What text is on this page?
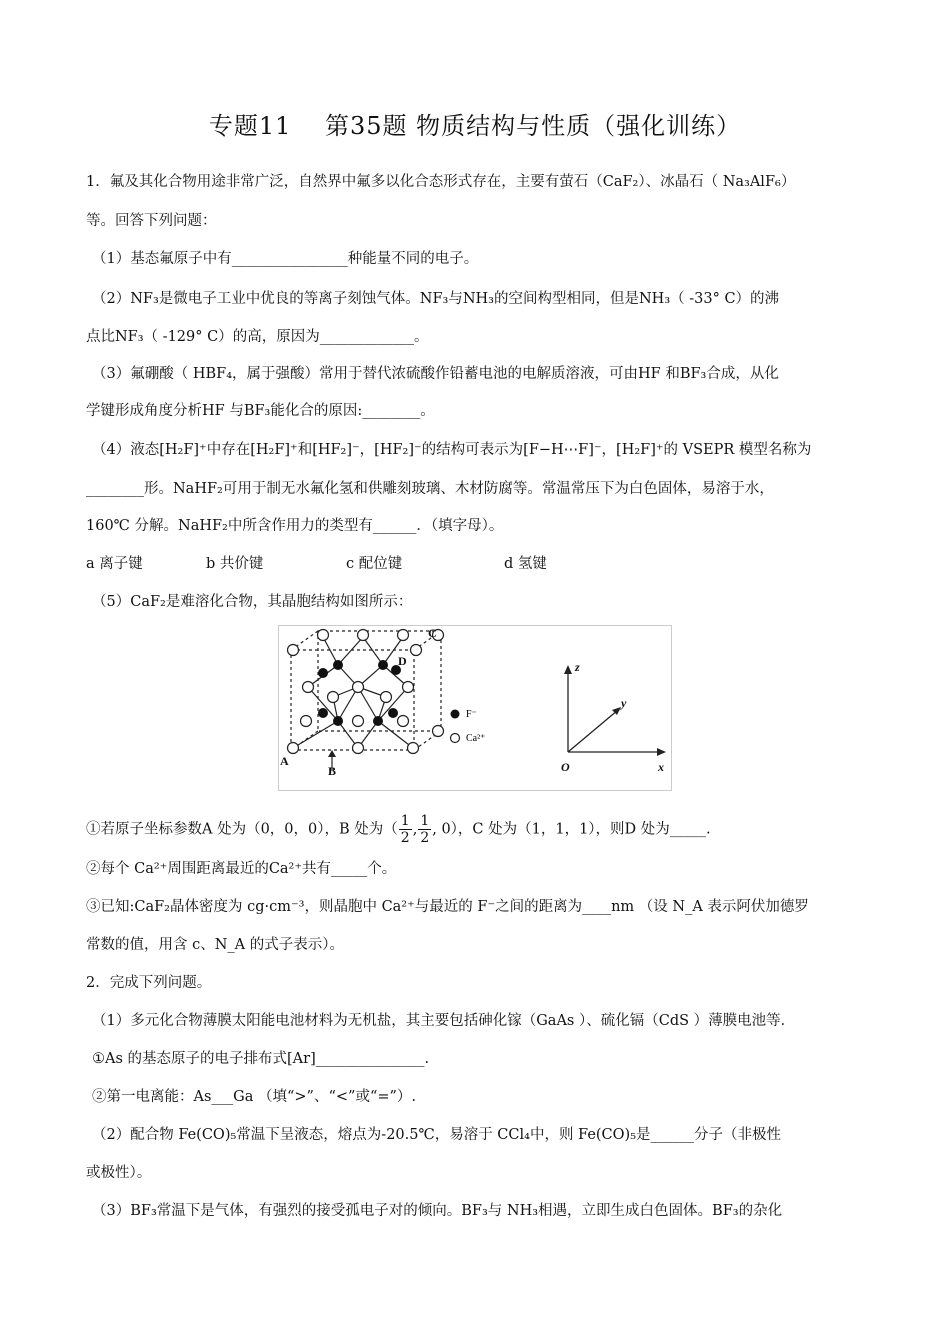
专题11　 第35题 物质结构与性质（强化训练）
1．氟及其化合物用途非常广泛，自然界中氟多以化合态形式存在，主要有萤石（CaF₂）、冰晶石（ Na₃AlF₆）
等。回答下列问题：
（1）基态氟原子中有________________种能量不同的电子。
（2）NF₃是微电子工业中优良的等离子刻蚀气体。NF₃与NH₃的空间构型相同，但是NH₃（ -33° C）的沸
点比NF₃（ -129° C）的高，原因为_____________。
（3）氟硼酸（ HBF₄，属于强酸）常用于替代浓硫酸作铅蓄电池的电解质溶液，可由HF 和BF₃合成，从化
学键形成角度分析HF 与BF₃能化合的原因:________。
（4）液态[H₂F]⁺中存在[H₂F]⁺和[HF₂]⁻，[HF₂]⁻的结构可表示为[F−H⋯F]⁻，[H₂F]⁺的 VSEPR 模型名称为
________形。NaHF₂可用于制无水氟化氢和供雕刻玻璃、木材防腐等。常温常压下为白色固体，易溶于水，
160℃ 分解。NaHF₂中所含作用力的类型有______．（填字母）。
a 离子键	b 共价键	c 配位键	d 氢键
（5）CaF₂是难溶化合物，其晶胞结构如图所示：
A
B
C
D
F⁻
Ca²⁺
z
y
x
O
①若原子坐标参数A 处为（0，0，0），B 处为（ $\frac{1}{2}$ , $\frac{1}{2}$ , 0），C 处为（1，1，1），则D 处为_____.
②每个 Ca²⁺周围距离最近的Ca²⁺共有_____个。
③已知:CaF₂晶体密度为 cg·cm⁻³，则晶胞中 Ca²⁺与最近的 F⁻之间的距离为____nm （设 N_A 表示阿伏加德罗
常数的值，用含 c、N_A 的式子表示）。
2．完成下列问题。
（1）多元化合物薄膜太阳能电池材料为无机盐，其主要包括砷化镓（GaAs ）、硫化镉（CdS ）薄膜电池等．
①As 的基态原子的电子排布式[Ar]_______________.
②第一电离能：As___Ga （填“>”、“<”或“=”）.
（2）配合物 Fe(CO)₅常温下呈液态，熔点为-20.5℃，易溶于 CCl₄中，则 Fe(CO)₅是______分子（非极性
或极性）。
（3）BF₃常温下是气体，有强烈的接受孤电子对的倾向。BF₃与 NH₃相遇，立即生成白色固体。BF₃的杂化
